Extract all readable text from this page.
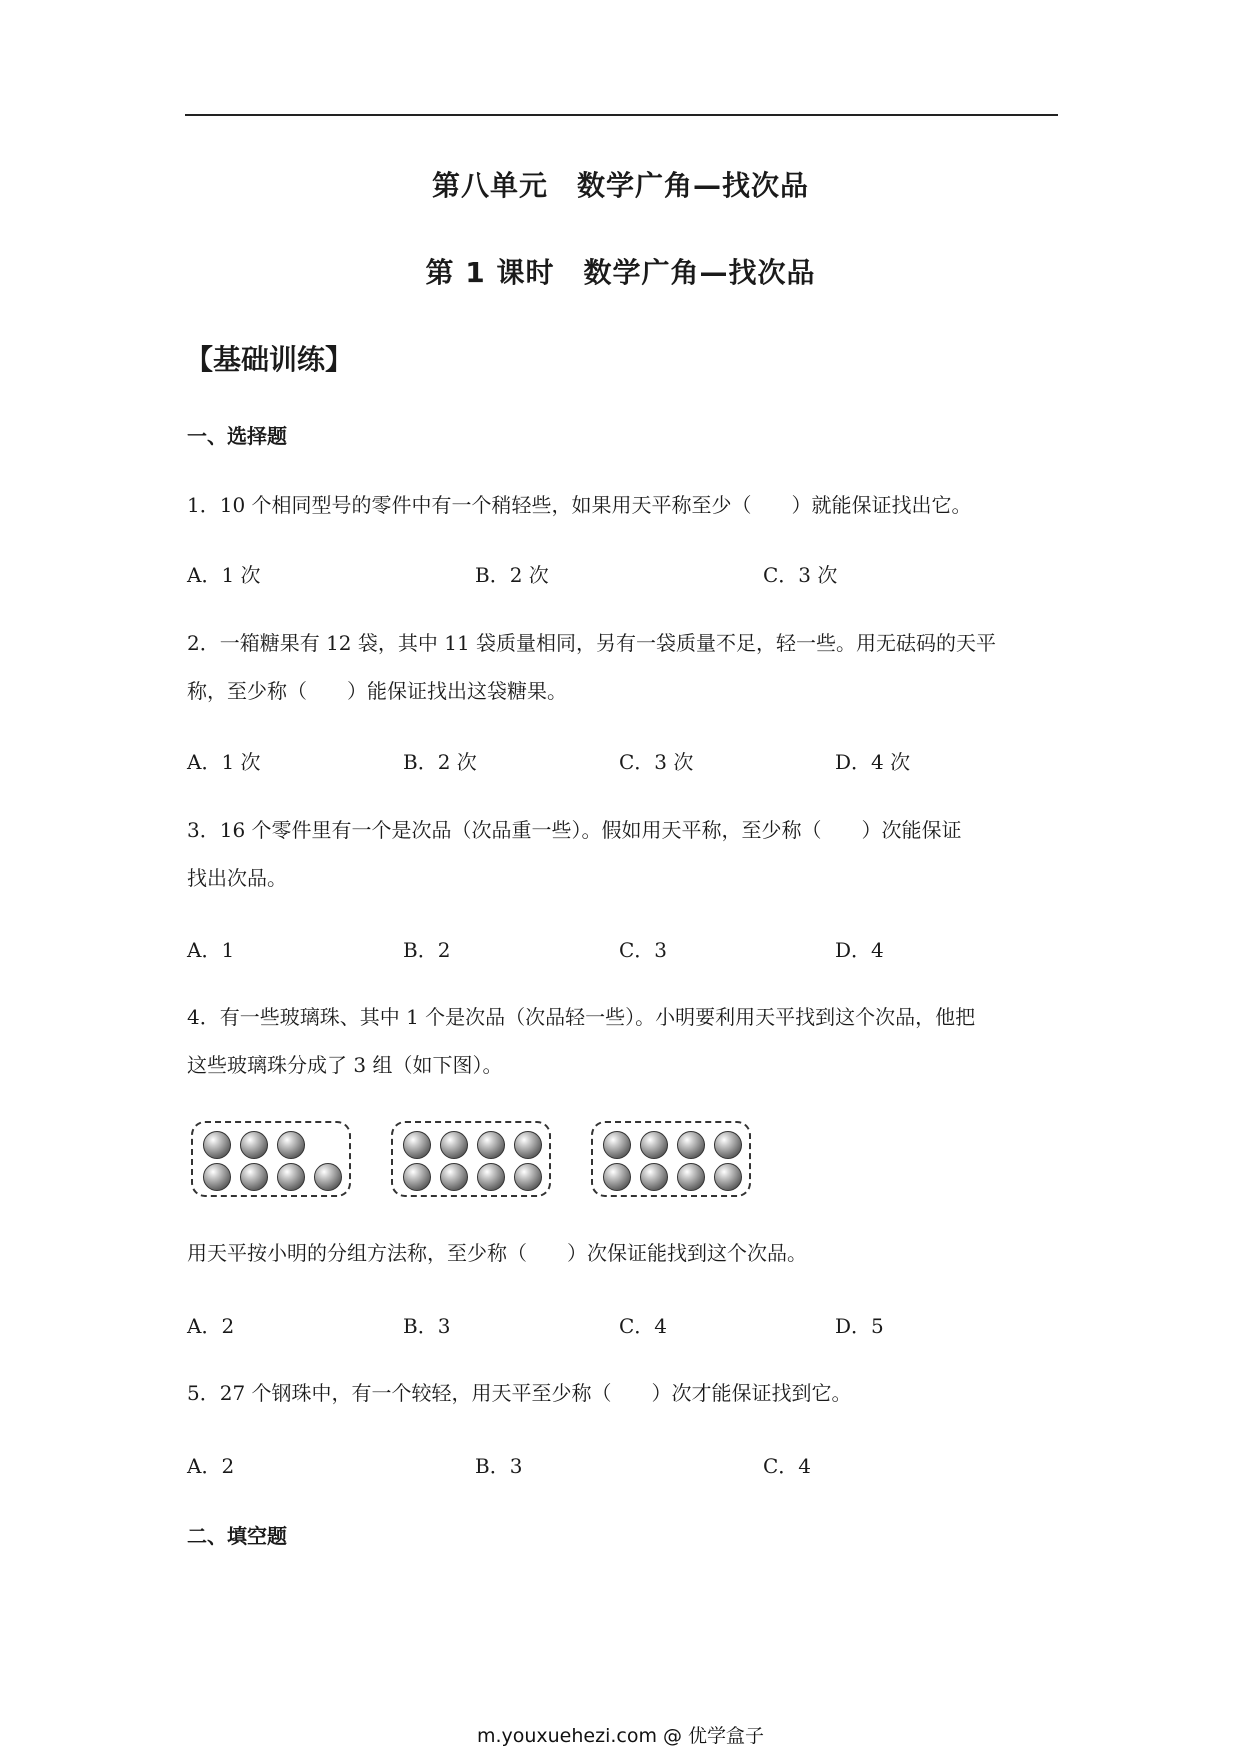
第八单元　数学广角—找次品
第 1 课时　数学广角—找次品
【基础训练】
一、选择题
1．10 个相同型号的零件中有一个稍轻些，如果用天平称至少（　　）就能保证找出它。
A．1 次	B．2 次	C．3 次
2．一箱糖果有 12 袋，其中 11 袋质量相同，另有一袋质量不足，轻一些。用无砝码的天平
称，至少称（　　）能保证找出这袋糖果。
A．1 次	B．2 次	C．3 次	D．4 次
3．16 个零件里有一个是次品（次品重一些）。假如用天平称，至少称（　　）次能保证
找出次品。
A．1	B．2	C．3	D．4
4．有一些玻璃珠、其中 1 个是次品（次品轻一些）。小明要利用天平找到这个次品，他把
这些玻璃珠分成了 3 组（如下图）。
用天平按小明的分组方法称，至少称（　　）次保证能找到这个次品。
A．2	B．3	C．4	D．5
5．27 个钢珠中，有一个较轻，用天平至少称（　　）次才能保证找到它。
A．2	B．3	C．4
二、填空题
m.youxuehezi.com @ 优学盒子
